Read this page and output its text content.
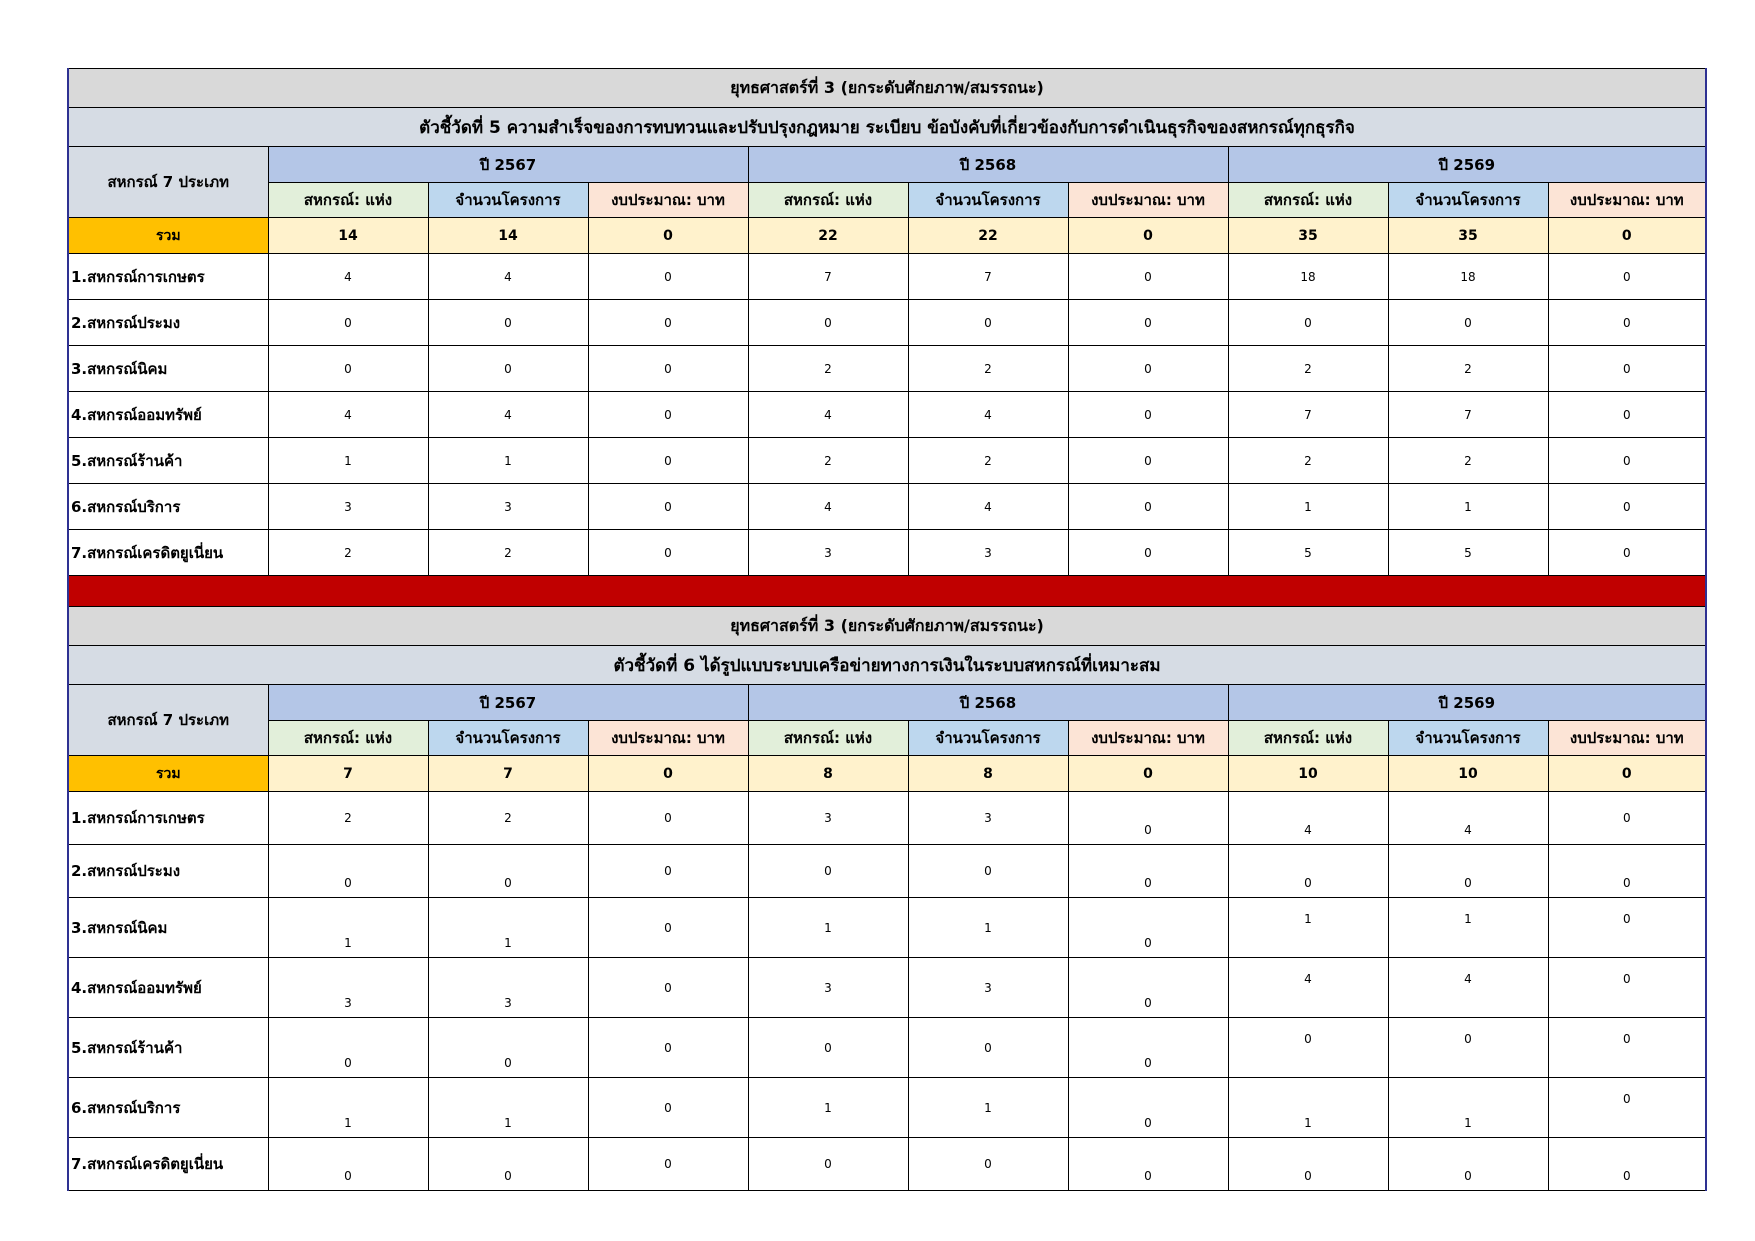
ยุทธศาสตร์ที่ 3 (ยกระดับศักยภาพ/สมรรถนะ)									
ตัวชี้วัดที่ 5 ความสำเร็จของการทบทวนและปรับปรุงกฎหมาย ระเบียบ ข้อบังคับที่เกี่ยวข้องกับการดำเนินธุรกิจของสหกรณ์ทุกธุรกิจ									
สหกรณ์ 7 ประเภท	ปี 2567			ปี 2568			ปี 2569		
	สหกรณ์: แห่ง	จำนวนโครงการ	งบประมาณ: บาท	สหกรณ์: แห่ง	จำนวนโครงการ	งบประมาณ: บาท	สหกรณ์: แห่ง	จำนวนโครงการ	งบประมาณ: บาท
รวม	14	14	0	22	22	0	35	35	0
1.สหกรณ์การเกษตร	4	4	0	7	7	0	18	18	0
2.สหกรณ์ประมง	0	0	0	0	0	0	0	0	0
3.สหกรณ์นิคม	0	0	0	2	2	0	2	2	0
4.สหกรณ์ออมทรัพย์	4	4	0	4	4	0	7	7	0
5.สหกรณ์ร้านค้า	1	1	0	2	2	0	2	2	0
6.สหกรณ์บริการ	3	3	0	4	4	0	1	1	0
7.สหกรณ์เครดิตยูเนี่ยน	2	2	0	3	3	0	5	5	0

ยุทธศาสตร์ที่ 3 (ยกระดับศักยภาพ/สมรรถนะ)									
ตัวชี้วัดที่ 6 ได้รูปแบบระบบเครือข่ายทางการเงินในระบบสหกรณ์ที่เหมาะสม									
สหกรณ์ 7 ประเภท	ปี 2567			ปี 2568			ปี 2569		
	สหกรณ์: แห่ง	จำนวนโครงการ	งบประมาณ: บาท	สหกรณ์: แห่ง	จำนวนโครงการ	งบประมาณ: บาท	สหกรณ์: แห่ง	จำนวนโครงการ	งบประมาณ: บาท
รวม	7	7	0	8	8	0	10	10	0
1.สหกรณ์การเกษตร	2	2	0	3	3	0	4	4	0
2.สหกรณ์ประมง	0	0	0	0	0	0	0	0	0
3.สหกรณ์นิคม	1	1	0	1	1	0	1	1	0
4.สหกรณ์ออมทรัพย์	3	3	0	3	3	0	4	4	0
5.สหกรณ์ร้านค้า	0	0	0	0	0	0	0	0	0
6.สหกรณ์บริการ	1	1	0	1	1	0	1	1	0
7.สหกรณ์เครดิตยูเนี่ยน	0	0	0	0	0	0	0	0	0
